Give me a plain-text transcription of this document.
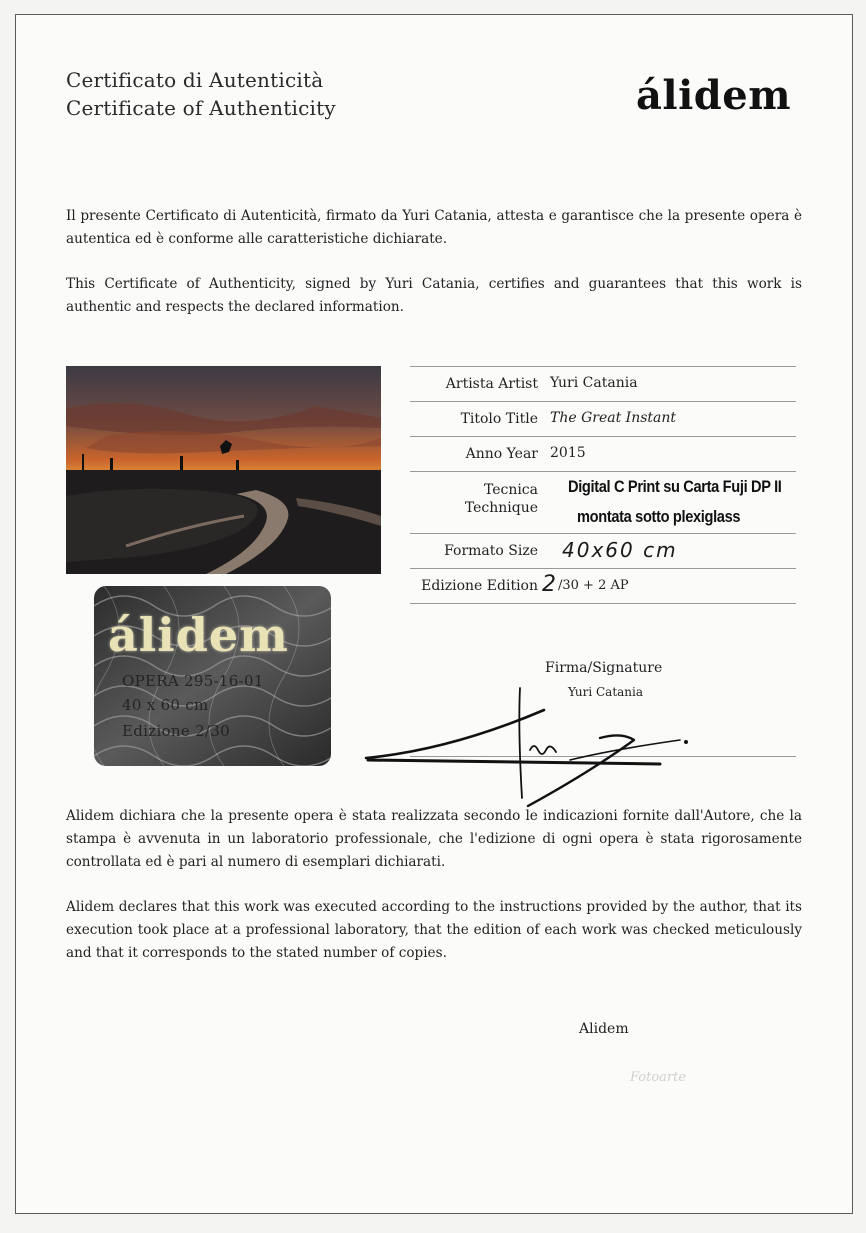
Certificato di Autenticità
Certificate of Authenticity	álidem

Il presente Certificato di Autenticità, firmato da Yuri Catania, attesta e garantisce che la presente opera è autentica ed è conforme alle caratteristiche dichiarate.

This Certificate of Authenticity, signed by Yuri Catania, certifies and guarantees that this work is authentic and respects the declared information.

álidem
OPERA 295-16-01
40 x 60 cm
Edizione 2/30
Artista Artist Yuri Catania
Titolo Title The Great Instant
Anno Year 2015
Tecnica
Technique
Digital C Print su Carta Fuji DP II
montata sotto plexiglass
Formato Size 40x60 cm
Edizione Edition 2 /30 + 2 AP
Firma/Signature
Yuri Catania

Alidem dichiara che la presente opera è stata realizzata secondo le indicazioni fornite dall'Autore, che la stampa è avvenuta in un laboratorio professionale, che l'edizione di ogni opera è stata rigorosamente controllata ed è pari al numero di esemplari dichiarati.

Alidem declares that this work was executed according to the instructions provided by the author, that its execution took place at a professional laboratory, that the edition of each work was checked meticulously and that it corresponds to the stated number of copies.

Alidem
Fotoarte
